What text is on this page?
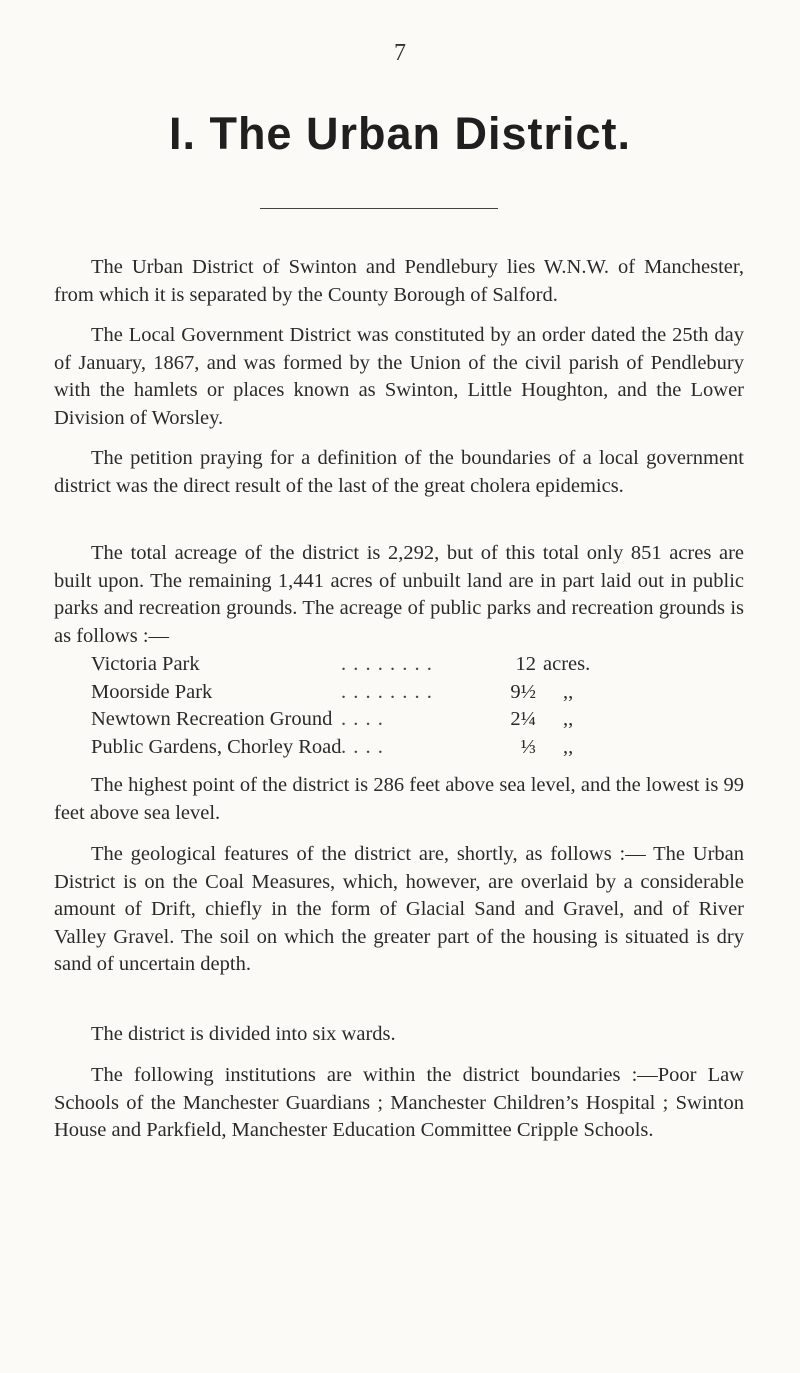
7
I. The Urban District.

The Urban District of Swinton and Pendlebury lies W.N.W. of Manchester, from which it is separated by the County Borough of Salford.

The Local Government District was constituted by an order dated the 25th day of January, 1867, and was formed by the Union of the civil parish of Pendlebury with the hamlets or places known as Swinton, Little Houghton, and the Lower Division of Worsley.

The petition praying for a definition of the boundaries of a local government district was the direct result of the last of the great cholera epidemics.

The total acreage of the district is 2,292, but of this total only 851 acres are built upon. The remaining 1,441 acres of unbuilt land are in part laid out in public parks and recreation grounds. The acreage of public parks and recreation grounds is as follows :—

Victoria Park	. . . . . . . .	12 acres.
Moorside Park	. . . . . . . .	9½ ,,
Newtown Recreation Ground . . . .	2¼ ,,
Public Gardens, Chorley Road . . . .	⅓ ,,

The highest point of the district is 286 feet above sea level, and the lowest is 99 feet above sea level.

The geological features of the district are, shortly, as follows :— The Urban District is on the Coal Measures, which, however, are overlaid by a considerable amount of Drift, chiefly in the form of Glacial Sand and Gravel, and of River Valley Gravel. The soil on which the greater part of the housing is situated is dry sand of uncertain depth.

The district is divided into six wards.

The following institutions are within the district boundaries :—Poor Law Schools of the Manchester Guardians ; Manchester Children’s Hospital ; Swinton House and Parkfield, Manchester Education Committee Cripple Schools.
